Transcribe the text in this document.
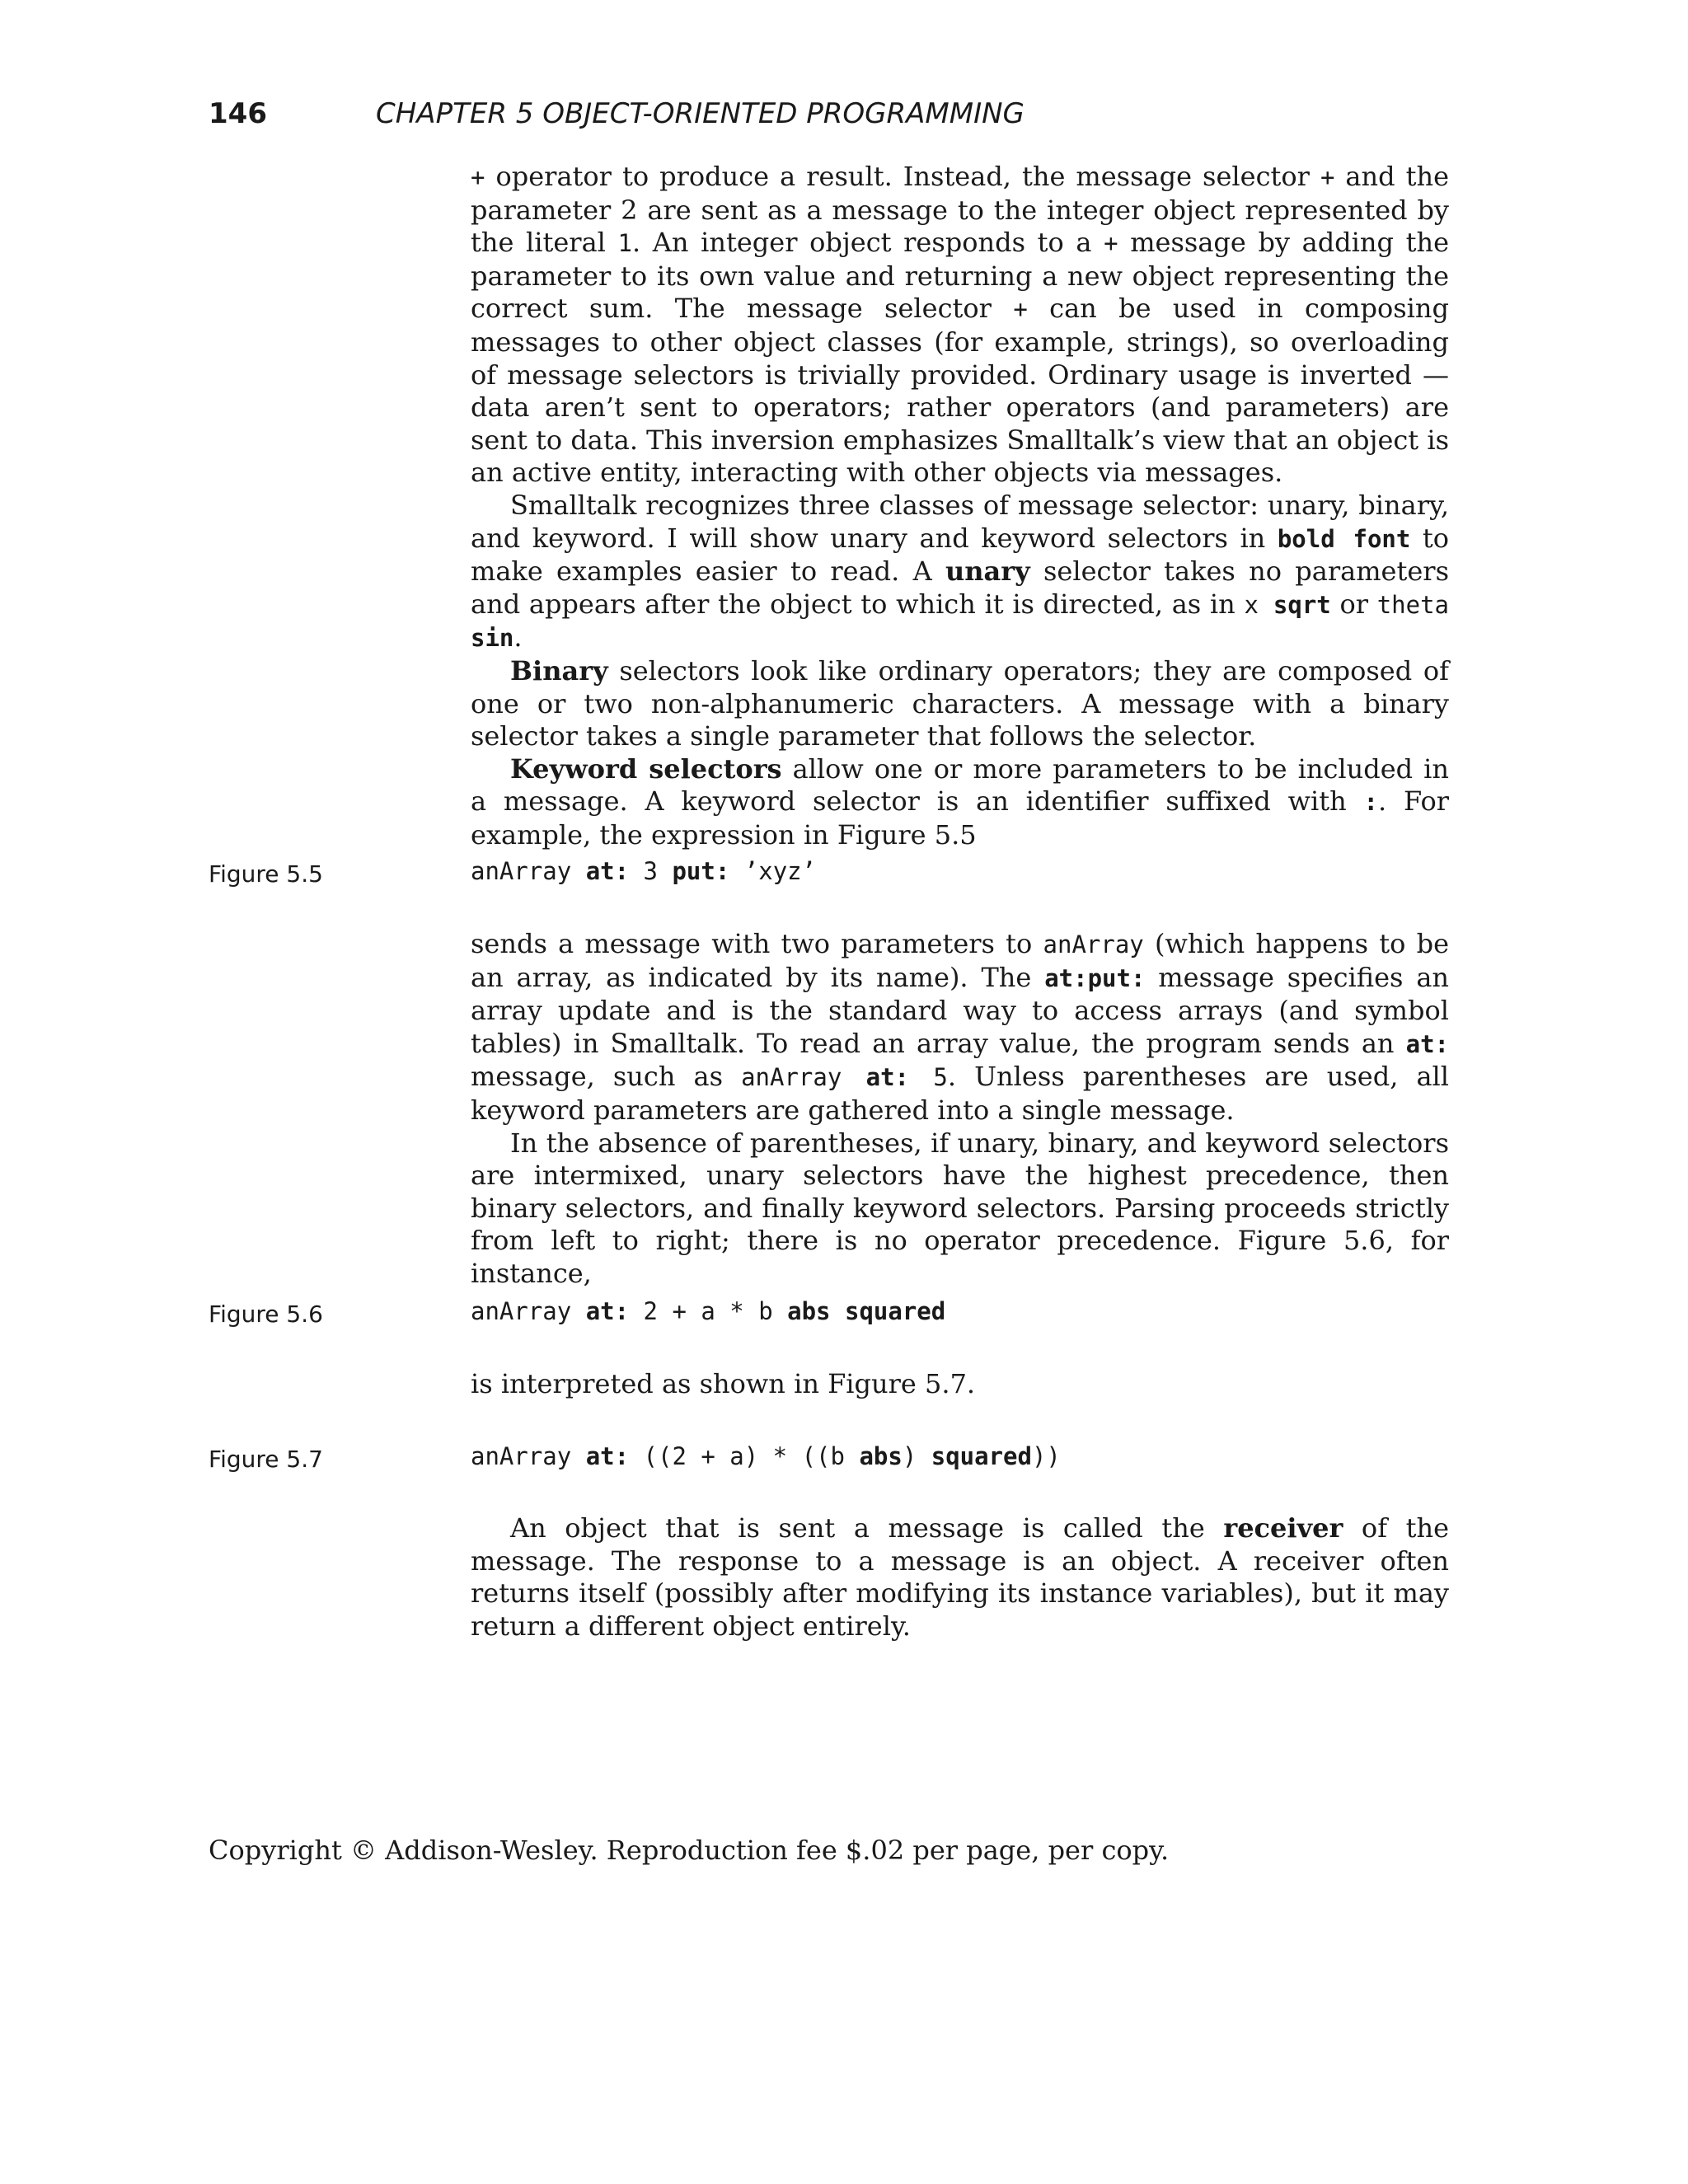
146	CHAPTER 5 OBJECT-ORIENTED PROGRAMMING

+ operator to produce a result. Instead, the message selector + and the parameter 2 are sent as a message to the integer object represented by the literal 1. An integer object responds to a + message by adding the parameter to its own value and returning a new object representing the correct sum. The message selector + can be used in composing messages to other object classes (for example, strings), so overloading of message selectors is trivially provided. Ordinary usage is inverted — data aren’t sent to operators; rather operators (and parameters) are sent to data. This inversion emphasizes Smalltalk’s view that an object is an active entity, interacting with other objects via messages.

Smalltalk recognizes three classes of message selector: unary, binary, and keyword. I will show unary and keyword selectors in bold font to make examples easier to read. A unary selector takes no parameters and appears after the object to which it is directed, as in x sqrt or theta sin.

Binary selectors look like ordinary operators; they are composed of one or two non-alphanumeric characters. A message with a binary selector takes a single parameter that follows the selector.

Keyword selectors allow one or more parameters to be included in a message. A keyword selector is an identifier suffixed with :. For example, the expression in Figure 5.5

Figure 5.5	anArray at: 3 put: ’xyz’

sends a message with two parameters to anArray (which happens to be an array, as indicated by its name). The at:put: message specifies an array update and is the standard way to access arrays (and symbol tables) in Smalltalk. To read an array value, the program sends an at: message, such as anArray at: 5. Unless parentheses are used, all keyword parameters are gathered into a single message.

In the absence of parentheses, if unary, binary, and keyword selectors are intermixed, unary selectors have the highest precedence, then binary selectors, and finally keyword selectors. Parsing proceeds strictly from left to right; there is no operator precedence. Figure 5.6, for instance,

Figure 5.6	anArray at: 2 + a * b abs squared

is interpreted as shown in Figure 5.7.

Figure 5.7	anArray at: ((2 + a) * ((b abs) squared))

An object that is sent a message is called the receiver of the message. The response to a message is an object. A receiver often returns itself (possibly after modifying its instance variables), but it may return a different object entirely.

Copyright © Addison-Wesley. Reproduction fee $.02 per page, per copy.
